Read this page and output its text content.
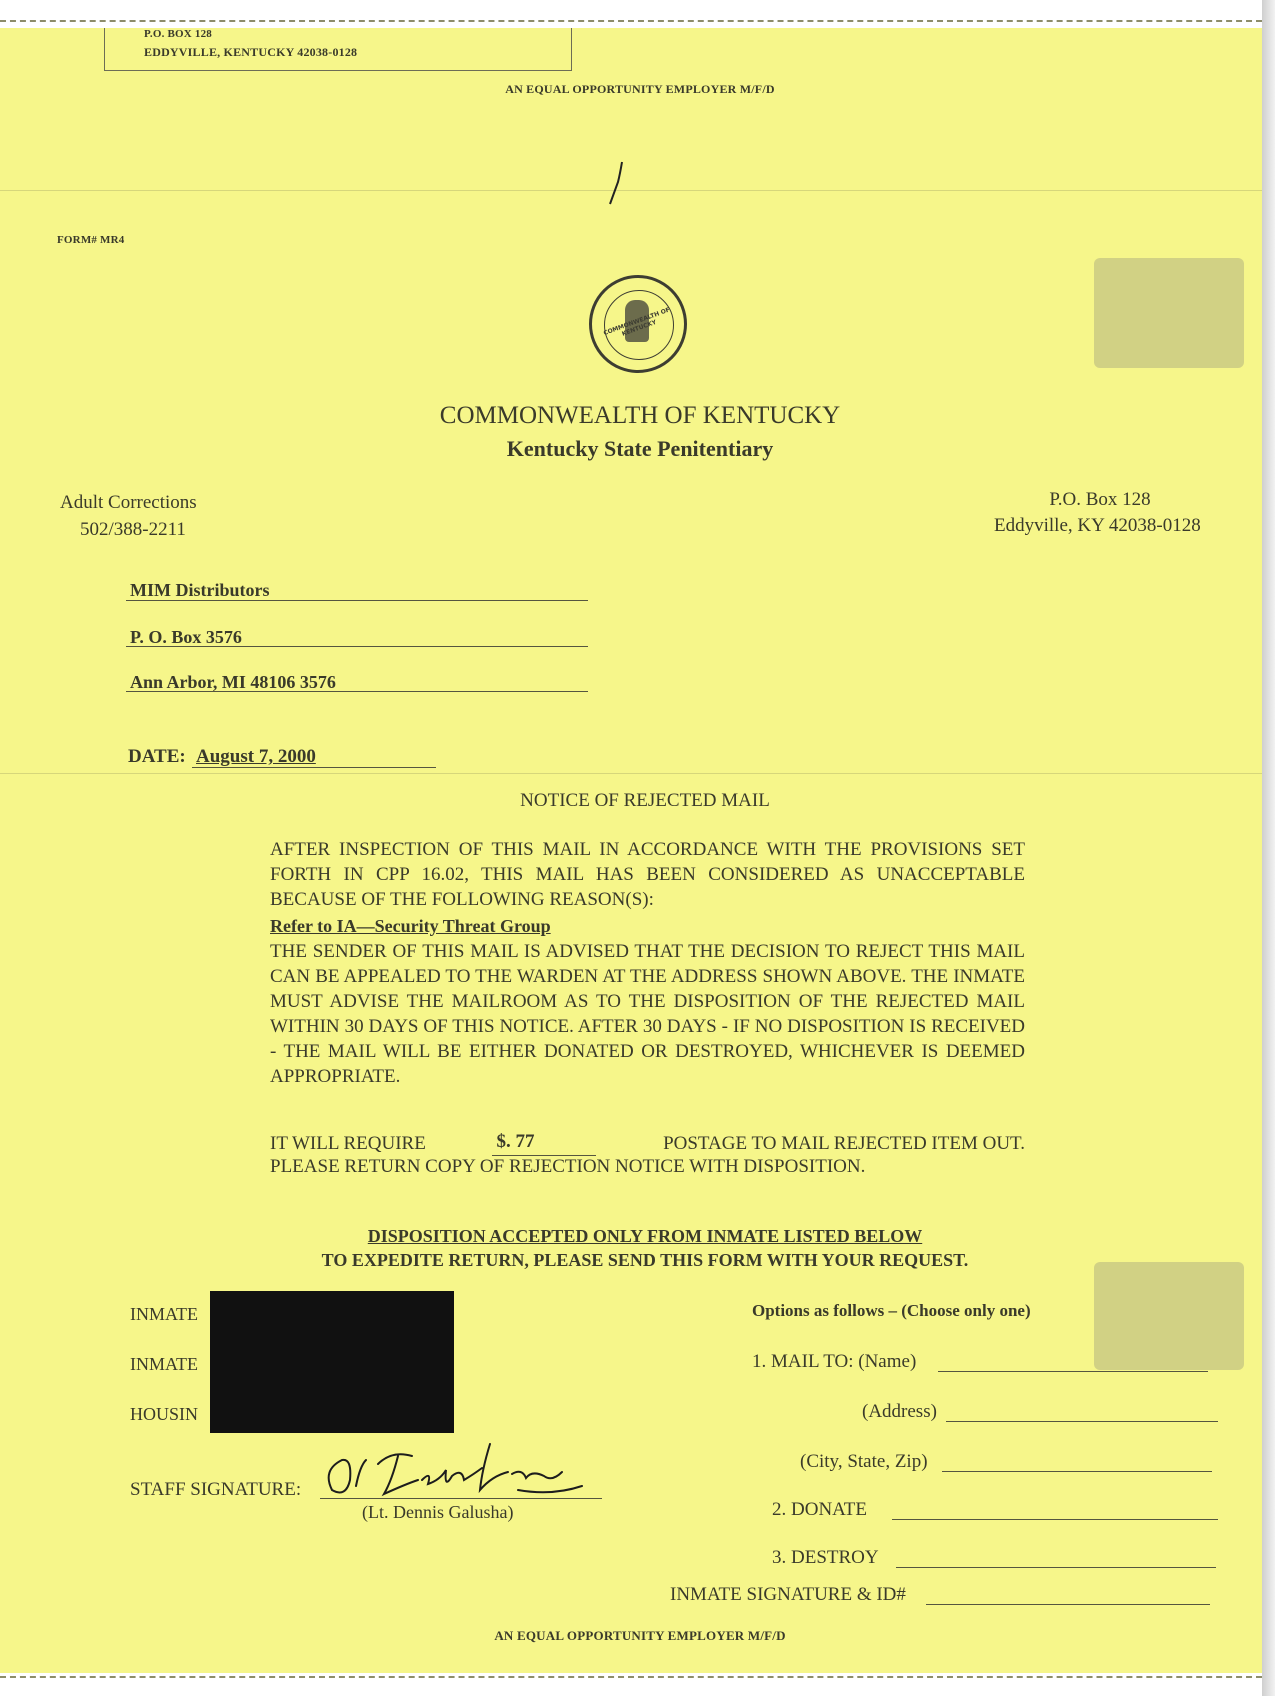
P.O. BOX 128
EDDYVILLE, KENTUCKY 42038-0128
AN EQUAL OPPORTUNITY EMPLOYER M/F/D
FORM# MR4
COMMONWEALTH OF KENTUCKY
COMMONWEALTH OF KENTUCKY
Kentucky State Penitentiary
Adult Corrections
502/388-2211
P.O. Box 128
Eddyville, KY 42038-0128
MIM Distributors
P. O. Box 3576
Ann Arbor, MI 48106 3576
DATE: August 7, 2000
NOTICE OF REJECTED MAIL
AFTER INSPECTION OF THIS MAIL IN ACCORDANCE WITH THE PROVISIONS SET FORTH IN CPP 16.02, THIS MAIL HAS BEEN CONSIDERED AS UNACCEPTABLE BECAUSE OF THE FOLLOWING REASON(S):
Refer to IA—Security Threat Group
THE SENDER OF THIS MAIL IS ADVISED THAT THE DECISION TO REJECT THIS MAIL CAN BE APPEALED TO THE WARDEN AT THE ADDRESS SHOWN ABOVE. THE INMATE MUST ADVISE THE MAILROOM AS TO THE DISPOSITION OF THE REJECTED MAIL WITHIN 30 DAYS OF THIS NOTICE. AFTER 30 DAYS - IF NO DISPOSITION IS RECEIVED - THE MAIL WILL BE EITHER DONATED OR DESTROYED, WHICHEVER IS DEEMED APPROPRIATE.
IT WILL REQUIRE	$. 77	POSTAGE TO MAIL REJECTED ITEM OUT.
PLEASE RETURN COPY OF REJECTION NOTICE WITH DISPOSITION.
DISPOSITION ACCEPTED ONLY FROM INMATE LISTED BELOW
TO EXPEDITE RETURN, PLEASE SEND THIS FORM WITH YOUR REQUEST.
INMATE
INMATE
HOUSIN
STAFF SIGNATURE:
(Lt. Dennis Galusha)
Options as follows – (Choose only one)
1. MAIL TO: (Name)
(Address)
(City, State, Zip)
2. DONATE
3. DESTROY
INMATE SIGNATURE & ID#
AN EQUAL OPPORTUNITY EMPLOYER M/F/D
